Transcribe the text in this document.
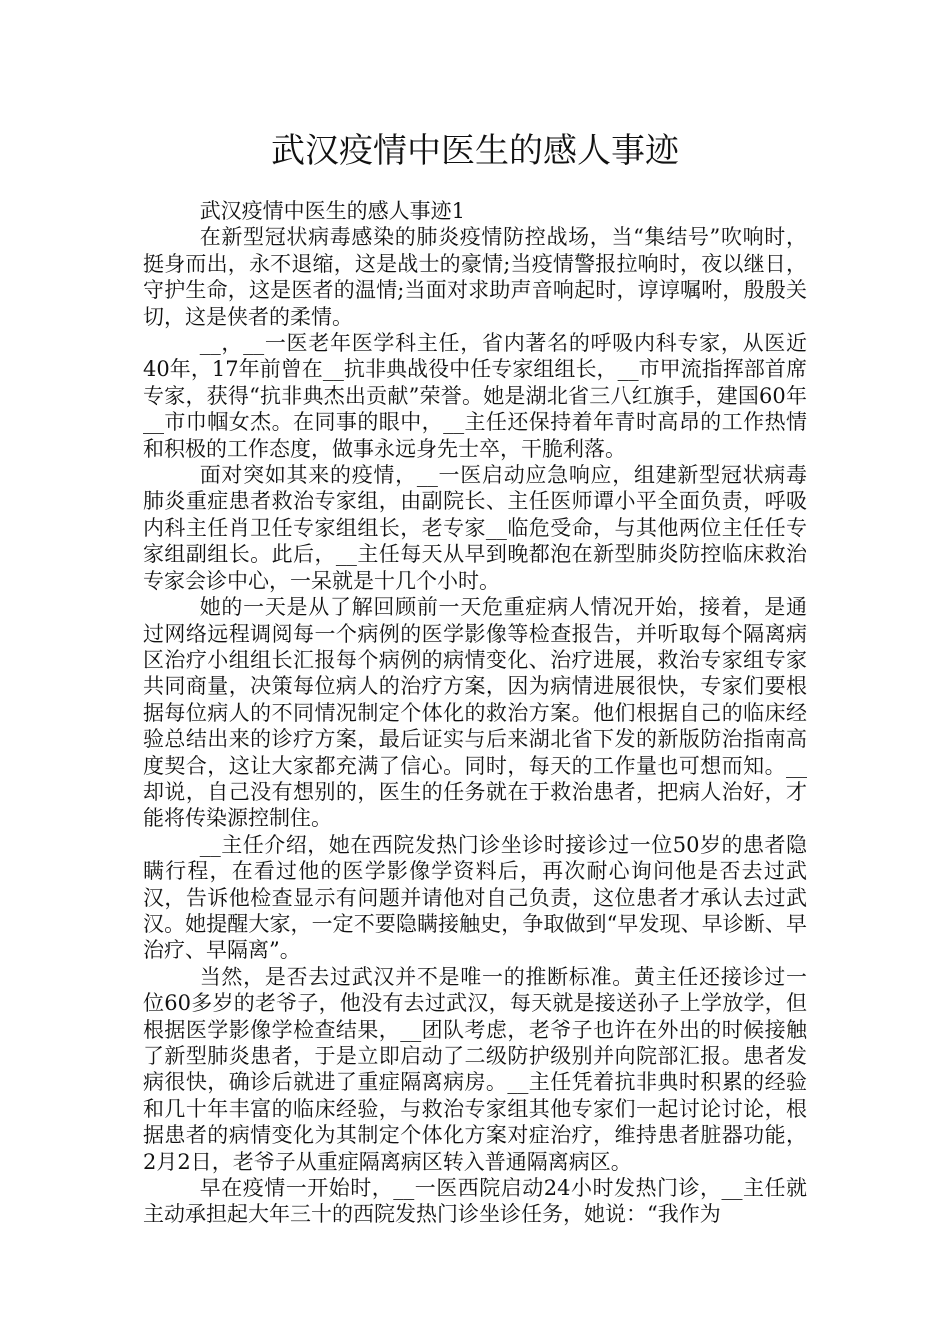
武汉疫情中医生的感人事迹

武汉疫情中医生的感人事迹1

在新型冠状病毒感染的肺炎疫情防控战场，当“集结号”吹响时，挺身而出，永不退缩，这是战士的豪情;当疫情警报拉响时，夜以继日，守护生命，这是医者的温情;当面对求助声音响起时，谆谆嘱咐，殷殷关切，这是侠者的柔情。

__，__一医老年医学科主任，省内著名的呼吸内科专家，从医近40年，17年前曾在__抗非典战役中任专家组组长，__市甲流指挥部首席专家，获得“抗非典杰出贡献”荣誉。她是湖北省三八红旗手，建国60年__市巾帼女杰。在同事的眼中，__主任还保持着年青时高昂的工作热情和积极的工作态度，做事永远身先士卒，干脆利落。

面对突如其来的疫情，__一医启动应急响应，组建新型冠状病毒肺炎重症患者救治专家组，由副院长、主任医师谭小平全面负责，呼吸内科主任肖卫任专家组组长，老专家__临危受命，与其他两位主任任专家组副组长。此后，__主任每天从早到晚都泡在新型肺炎防控临床救治专家会诊中心，一呆就是十几个小时。

她的一天是从了解回顾前一天危重症病人情况开始，接着，是通过网络远程调阅每一个病例的医学影像等检查报告，并听取每个隔离病区治疗小组组长汇报每个病例的病情变化、治疗进展，救治专家组专家共同商量，决策每位病人的治疗方案，因为病情进展很快，专家们要根据每位病人的不同情况制定个体化的救治方案。他们根据自己的临床经验总结出来的诊疗方案，最后证实与后来湖北省下发的新版防治指南高度契合，这让大家都充满了信心。同时，每天的工作量也可想而知。__却说，自己没有想别的，医生的任务就在于救治患者，把病人治好，才能将传染源控制住。

__主任介绍，她在西院发热门诊坐诊时接诊过一位50岁的患者隐瞒行程，在看过他的医学影像学资料后，再次耐心询问他是否去过武汉，告诉他检查显示有问题并请他对自己负责，这位患者才承认去过武汉。她提醒大家，一定不要隐瞒接触史，争取做到“早发现、早诊断、早治疗、早隔离”。

当然，是否去过武汉并不是唯一的推断标准。黄主任还接诊过一位60多岁的老爷子，他没有去过武汉，每天就是接送孙子上学放学，但根据医学影像学检查结果，__团队考虑，老爷子也许在外出的时候接触了新型肺炎患者，于是立即启动了二级防护级别并向院部汇报。患者发病很快，确诊后就进了重症隔离病房。__主任凭着抗非典时积累的经验和几十年丰富的临床经验，与救治专家组其他专家们一起讨论讨论，根据患者的病情变化为其制定个体化方案对症治疗，维持患者脏器功能，2月2日，老爷子从重症隔离病区转入普通隔离病区。

早在疫情一开始时，__一医西院启动24小时发热门诊，__主任就主动承担起大年三十的西院发热门诊坐诊任务，她说：“我作为
